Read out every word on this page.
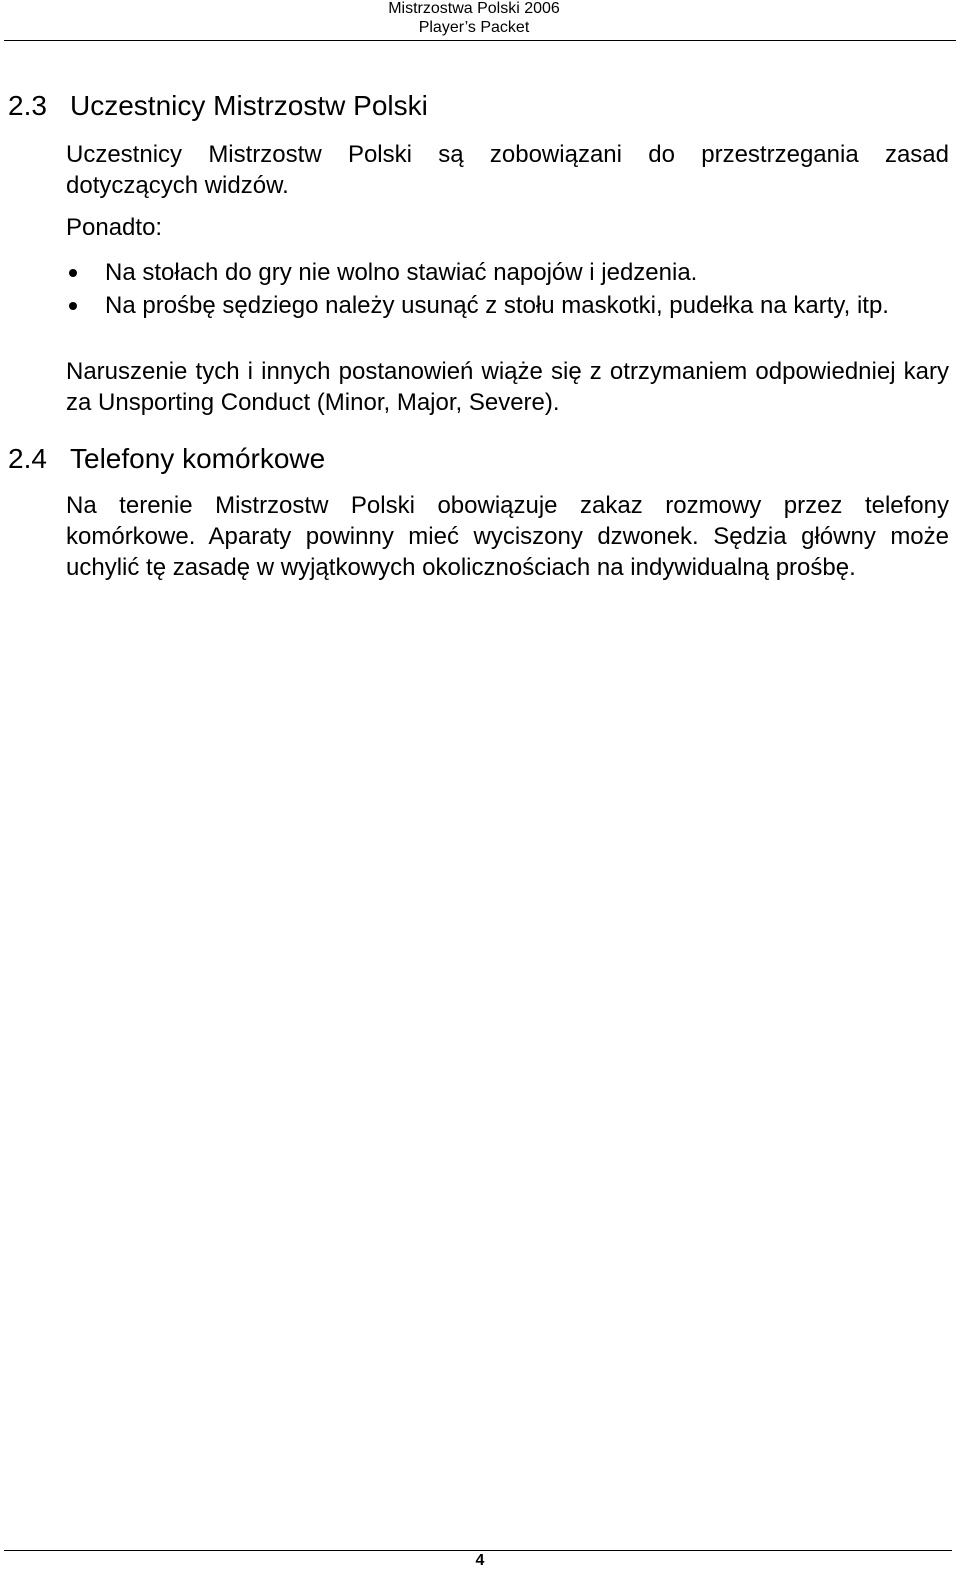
Mistrzostwa Polski 2006
Player’s Packet
2.3 Uczestnicy Mistrzostw Polski
Uczestnicy Mistrzostw Polski są zobowiązani do przestrzegania zasad dotyczących widzów.
Ponadto:
Na stołach do gry nie wolno stawiać napojów i jedzenia.
Na prośbę sędziego należy usunąć z stołu maskotki, pudełka na karty, itp.
Naruszenie tych i innych postanowień wiąże się z otrzymaniem odpowiedniej kary za Unsporting Conduct (Minor, Major, Severe).
2.4 Telefony komórkowe
Na terenie Mistrzostw Polski obowiązuje zakaz rozmowy przez telefony komórkowe. Aparaty powinny mieć wyciszony dzwonek. Sędzia główny może uchylić tę zasadę w wyjątkowych okolicznościach na indywidualną prośbę.
4
